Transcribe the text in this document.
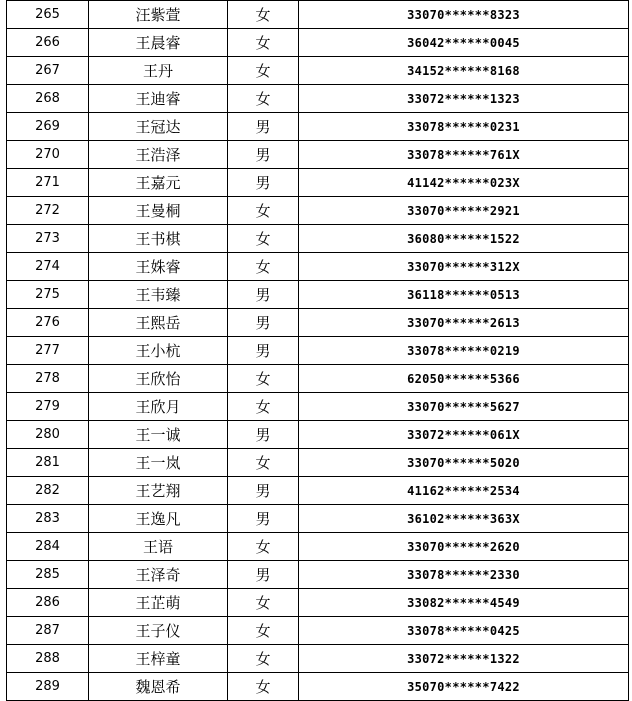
265	汪紫萱	女	33070******8323
266	王晨睿	女	36042******0045
267	王丹	女	34152******8168
268	王迪睿	女	33072******1323
269	王冠达	男	33078******0231
270	王浩泽	男	33078******761X
271	王嘉元	男	41142******023X
272	王曼桐	女	33070******2921
273	王书棋	女	36080******1522
274	王姝睿	女	33070******312X
275	王韦臻	男	36118******0513
276	王熙岳	男	33070******2613
277	王小杭	男	33078******0219
278	王欣怡	女	62050******5366
279	王欣月	女	33070******5627
280	王一诚	男	33072******061X
281	王一岚	女	33070******5020
282	王艺翔	男	41162******2534
283	王逸凡	男	36102******363X
284	王语	女	33070******2620
285	王泽奇	男	33078******2330
286	王芷萌	女	33082******4549
287	王子仪	女	33078******0425
288	王梓童	女	33072******1322
289	魏恩希	女	35070******7422
